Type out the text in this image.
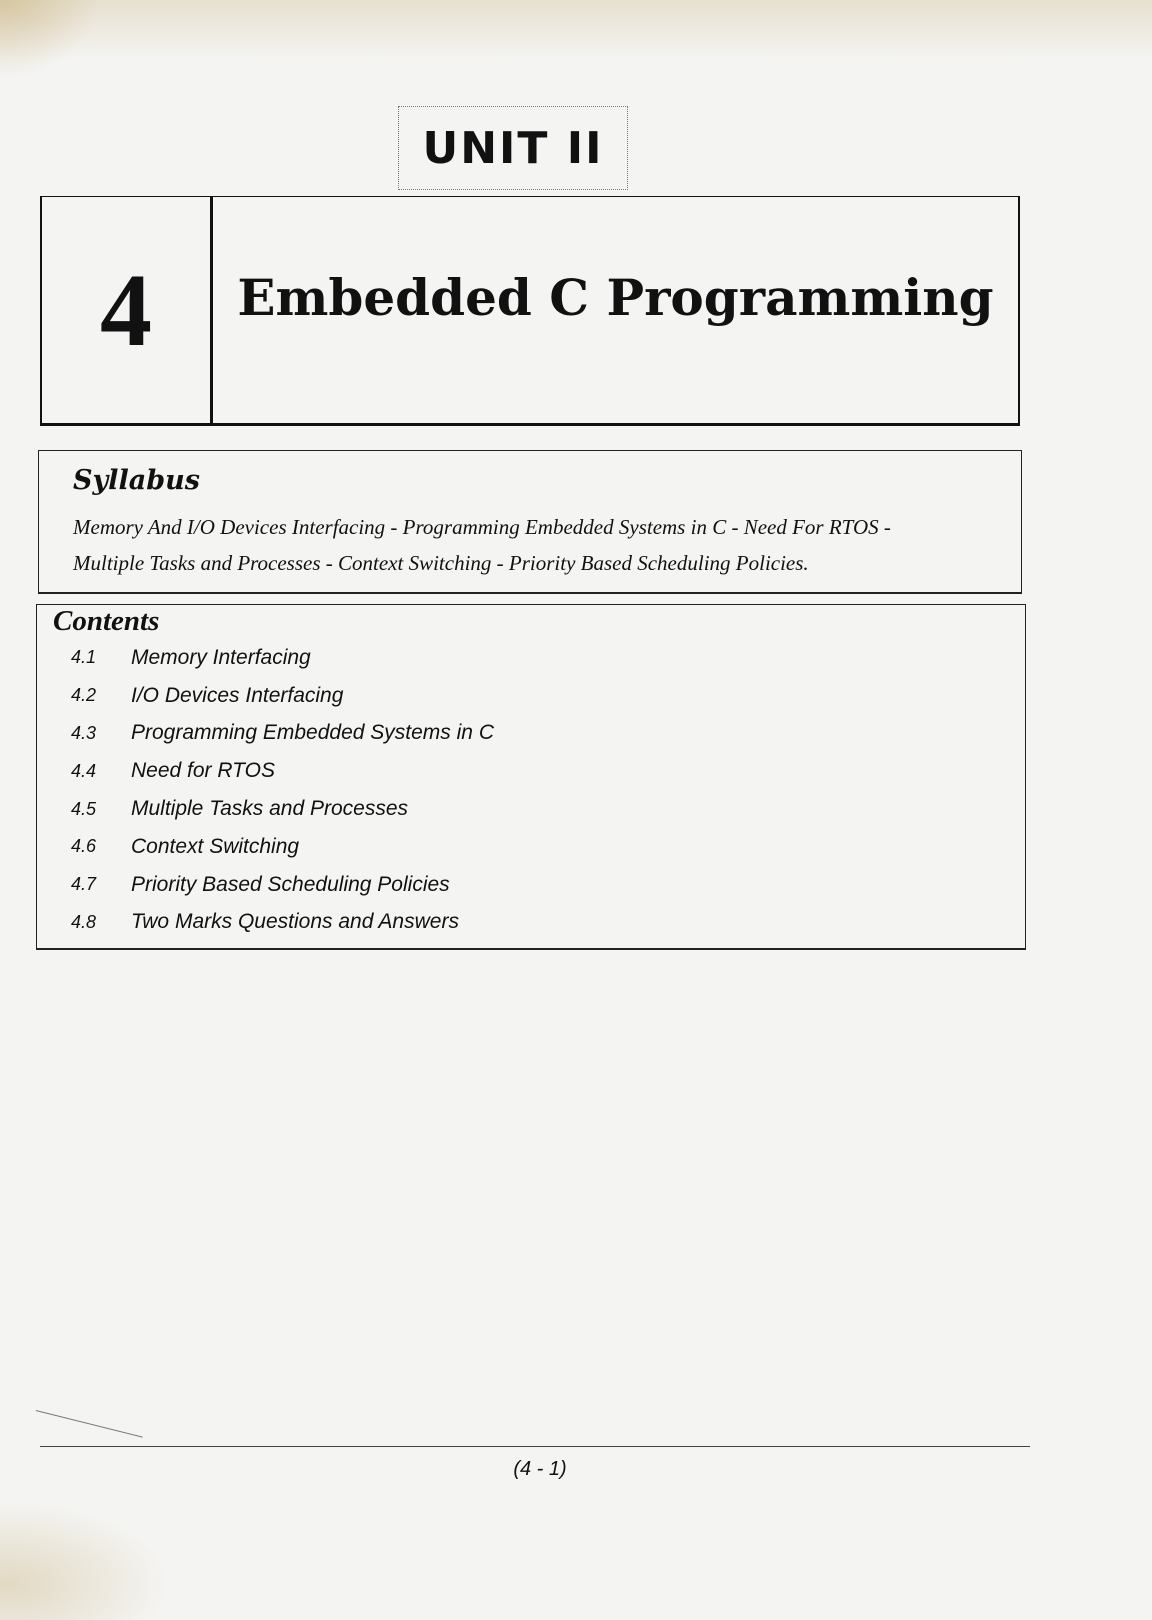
UNIT II
4	Embedded C Programming
Syllabus
Memory And I/O Devices Interfacing - Programming Embedded Systems in C - Need For RTOS -
Multiple Tasks and Processes - Context Switching - Priority Based Scheduling Policies.
Contents
4.1	Memory Interfacing
4.2	I/O Devices Interfacing
4.3	Programming Embedded Systems in C
4.4	Need for RTOS
4.5	Multiple Tasks and Processes
4.6	Context Switching
4.7	Priority Based Scheduling Policies
4.8	Two Marks Questions and Answers
(4 - 1)
